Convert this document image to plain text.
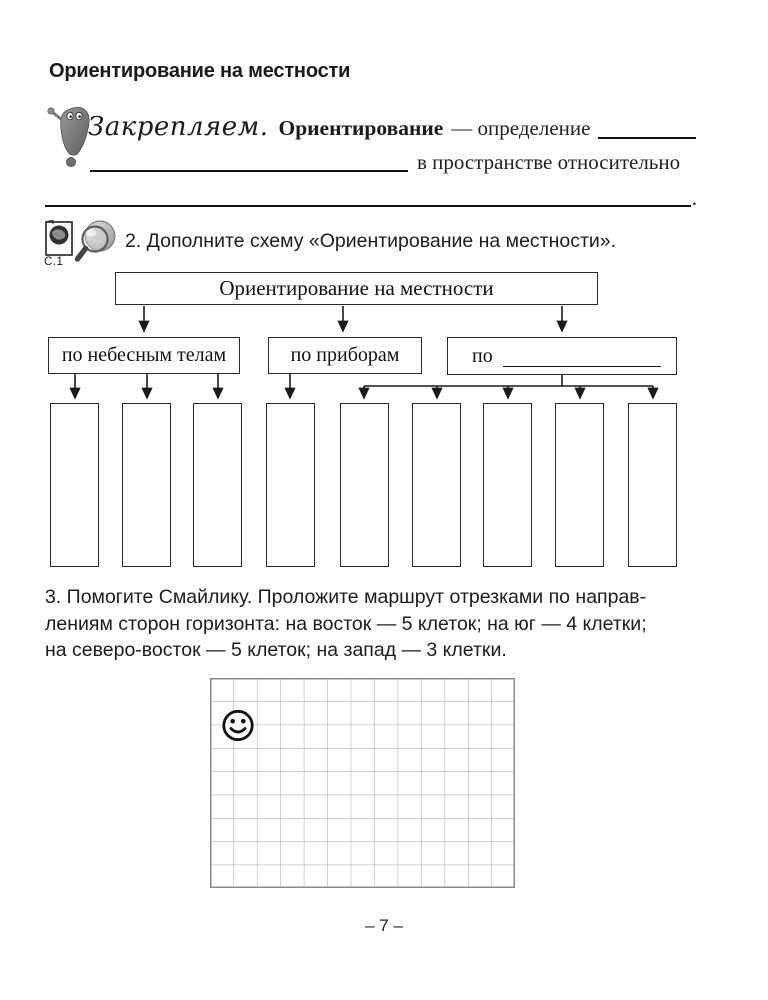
Ориентирование на местности
Закрепляем. Ориентирование — определение
в пространстве относительно
.
С.1
2. Дополните схему «Ориентирование на местности».
Ориентирование на местности
по небесным телам	по приборам	по
3. Помогите Смайлику. Проложите маршрут отрезками по направ-
лениям сторон горизонта: на восток — 5 клеток; на юг — 4 клетки;
на северо-восток — 5 клеток; на запад — 3 клетки.
– 7 –
